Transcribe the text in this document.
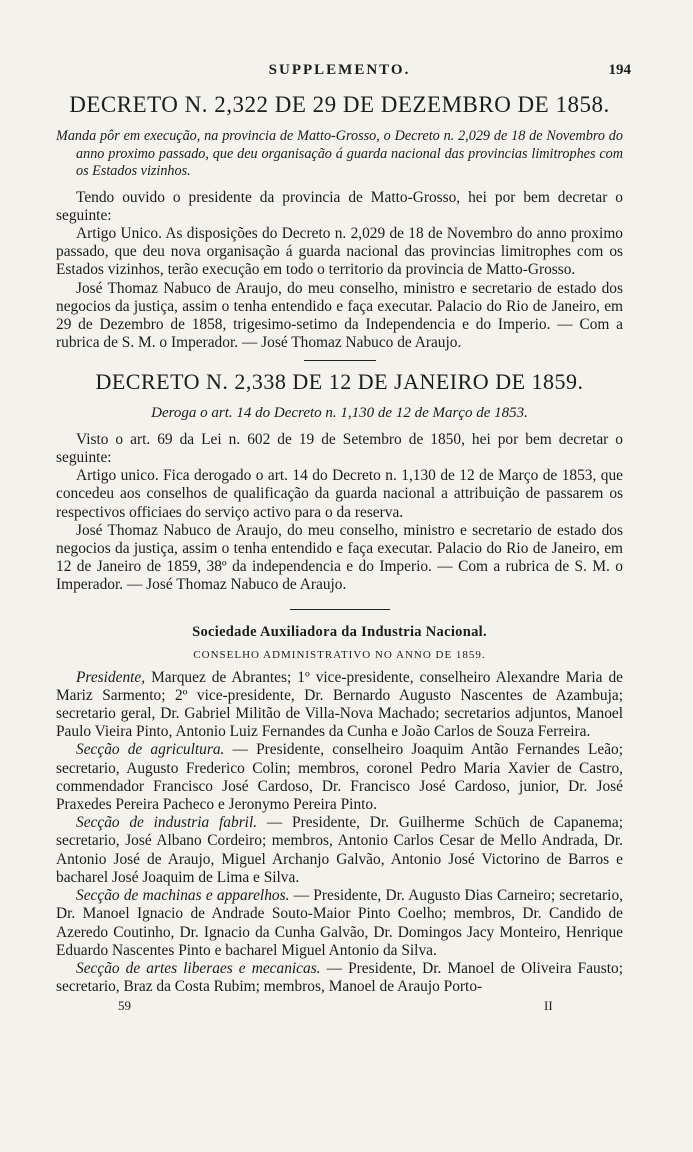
SUPPLEMENTO.	194
DECRETO N. 2,322 DE 29 DE DEZEMBRO DE 1858.

Manda pôr em execução, na provincia de Matto-Grosso, o Decreto n. 2,029 de 18 de Novembro do anno proximo passado, que deu organisação á guarda nacional das provincias limitrophes com os Estados vizinhos.

Tendo ouvido o presidente da provincia de Matto-Grosso, hei por bem decretar o seguinte:

Artigo Unico. As disposições do Decreto n. 2,029 de 18 de Novembro do anno proximo passado, que deu nova organisação á guarda nacional das provincias limitrophes com os Estados vizinhos, terão execução em todo o territorio da provincia de Matto-Grosso.

José Thomaz Nabuco de Araujo, do meu conselho, ministro e secretario de estado dos negocios da justiça, assim o tenha entendido e faça executar. Palacio do Rio de Janeiro, em 29 de Dezembro de 1858, trigesimo-setimo da Independencia e do Imperio. — Com a rubrica de S. M. o Imperador. — José Thomaz Nabuco de Araujo.

DECRETO N. 2,338 DE 12 DE JANEIRO DE 1859.

Deroga o art. 14 do Decreto n. 1,130 de 12 de Março de 1853.

Visto o art. 69 da Lei n. 602 de 19 de Setembro de 1850, hei por bem decretar o seguinte:

Artigo unico. Fica derogado o art. 14 do Decreto n. 1,130 de 12 de Março de 1853, que concedeu aos conselhos de qualificação da guarda nacional a attribuição de passarem os respectivos officiaes do serviço activo para o da reserva.

José Thomaz Nabuco de Araujo, do meu conselho, ministro e secretario de estado dos negocios da justiça, assim o tenha entendido e faça executar. Palacio do Rio de Janeiro, em 12 de Janeiro de 1859, 38º da independencia e do Imperio. — Com a rubrica de S. M. o Imperador. — José Thomaz Nabuco de Araujo.

Sociedade Auxiliadora da Industria Nacional.
CONSELHO ADMINISTRATIVO NO ANNO DE 1859.

Presidente, Marquez de Abrantes; 1º vice-presidente, conselheiro Alexandre Maria de Mariz Sarmento; 2º vice-presidente, Dr. Bernardo Augusto Nascentes de Azambuja; secretario geral, Dr. Gabriel Militão de Villa-Nova Machado; secretarios adjuntos, Manoel Paulo Vieira Pinto, Antonio Luiz Fernandes da Cunha e João Carlos de Souza Ferreira.

Secção de agricultura. — Presidente, conselheiro Joaquim Antão Fernandes Leão; secretario, Augusto Frederico Colin; membros, coronel Pedro Maria Xavier de Castro, commendador Francisco José Cardoso, Dr. Francisco José Cardoso, junior, Dr. José Praxedes Pereira Pacheco e Jeronymo Pereira Pinto.

Secção de industria fabril. — Presidente, Dr. Guilherme Schüch de Capanema; secretario, José Albano Cordeiro; membros, Antonio Carlos Cesar de Mello Andrada, Dr. Antonio José de Araujo, Miguel Archanjo Galvão, Antonio José Victorino de Barros e bacharel José Joaquim de Lima e Silva.

Secção de machinas e apparelhos. — Presidente, Dr. Augusto Dias Carneiro; secretario, Dr. Manoel Ignacio de Andrade Souto-Maior Pinto Coelho; membros, Dr. Candido de Azeredo Coutinho, Dr. Ignacio da Cunha Galvão, Dr. Domingos Jacy Monteiro, Henrique Eduardo Nascentes Pinto e bacharel Miguel Antonio da Silva.

Secção de artes liberaes e mecanicas. — Presidente, Dr. Manoel de Oliveira Fausto; secretario, Braz da Costa Rubim; membros, Manoel de Araujo Porto-

59	II
